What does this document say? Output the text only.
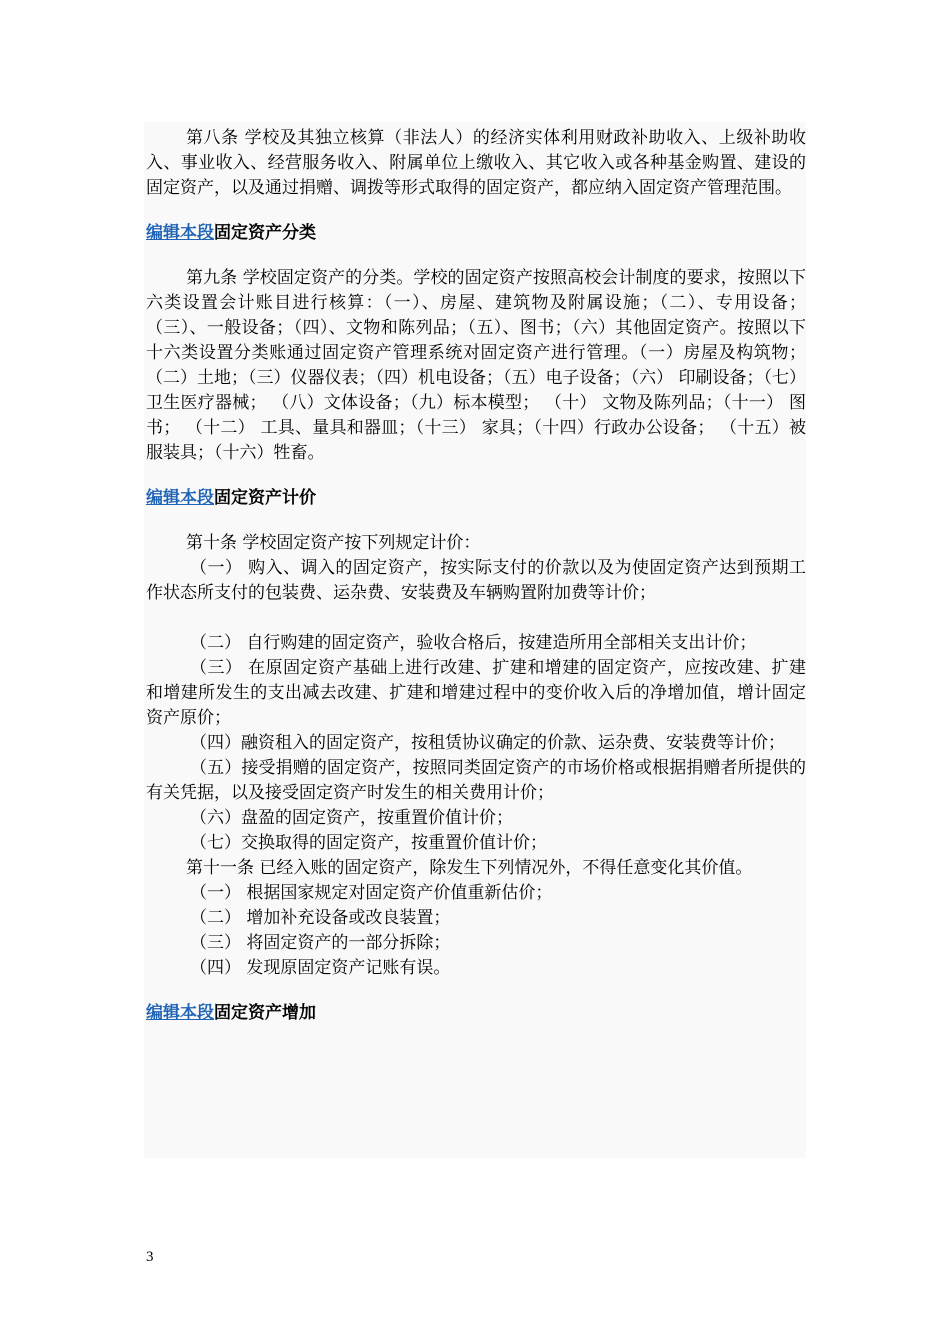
第八条 学校及其独立核算（非法人）的经济实体利用财政补助收入、上级补助收入、事业收入、经营服务收入、附属单位上缴收入、其它收入或各种基金购置、建设的固定资产，以及通过捐赠、调拨等形式取得的固定资产，都应纳入固定资产管理范围。

编辑本段固定资产分类

第九条 学校固定资产的分类。学校的固定资产按照高校会计制度的要求，按照以下六类设置会计账目进行核算：（一）、房屋、建筑物及附属设施；（二）、专用设备；（三）、一般设备；（四）、文物和陈列品；（五）、图书；（六）其他固定资产。按照以下十六类设置分类账通过固定资产管理系统对固定资产进行管理。（一）房屋及构筑物；（二）土地；（三）仪器仪表；（四）机电设备；（五）电子设备；（六） 印刷设备；（七）卫生医疗器械； （八）文体设备；（九）标本模型； （十） 文物及陈列品；（十一） 图书； （十二） 工具、量具和器皿；（十三） 家具；（十四）行政办公设备； （十五）被服装具；（十六）牲畜。

编辑本段固定资产计价

第十条 学校固定资产按下列规定计价：

（一） 购入、调入的固定资产，按实际支付的价款以及为使固定资产达到预期工作状态所支付的包装费、运杂费、安装费及车辆购置附加费等计价；

（二） 自行购建的固定资产，验收合格后，按建造所用全部相关支出计价；

（三） 在原固定资产基础上进行改建、扩建和增建的固定资产，应按改建、扩建和增建所发生的支出减去改建、扩建和增建过程中的变价收入后的净增加值，增计固定资产原价；

（四）融资租入的固定资产，按租赁协议确定的价款、运杂费、安装费等计价；

（五）接受捐赠的固定资产，按照同类固定资产的市场价格或根据捐赠者所提供的有关凭据，以及接受固定资产时发生的相关费用计价；

（六）盘盈的固定资产，按重置价值计价；

（七）交换取得的固定资产，按重置价值计价；

第十一条 已经入账的固定资产，除发生下列情况外，不得任意变化其价值。

（一） 根据国家规定对固定资产价值重新估价；

（二） 增加补充设备或改良装置；

（三） 将固定资产的一部分拆除；

（四） 发现原固定资产记账有误。

编辑本段固定资产增加
3
